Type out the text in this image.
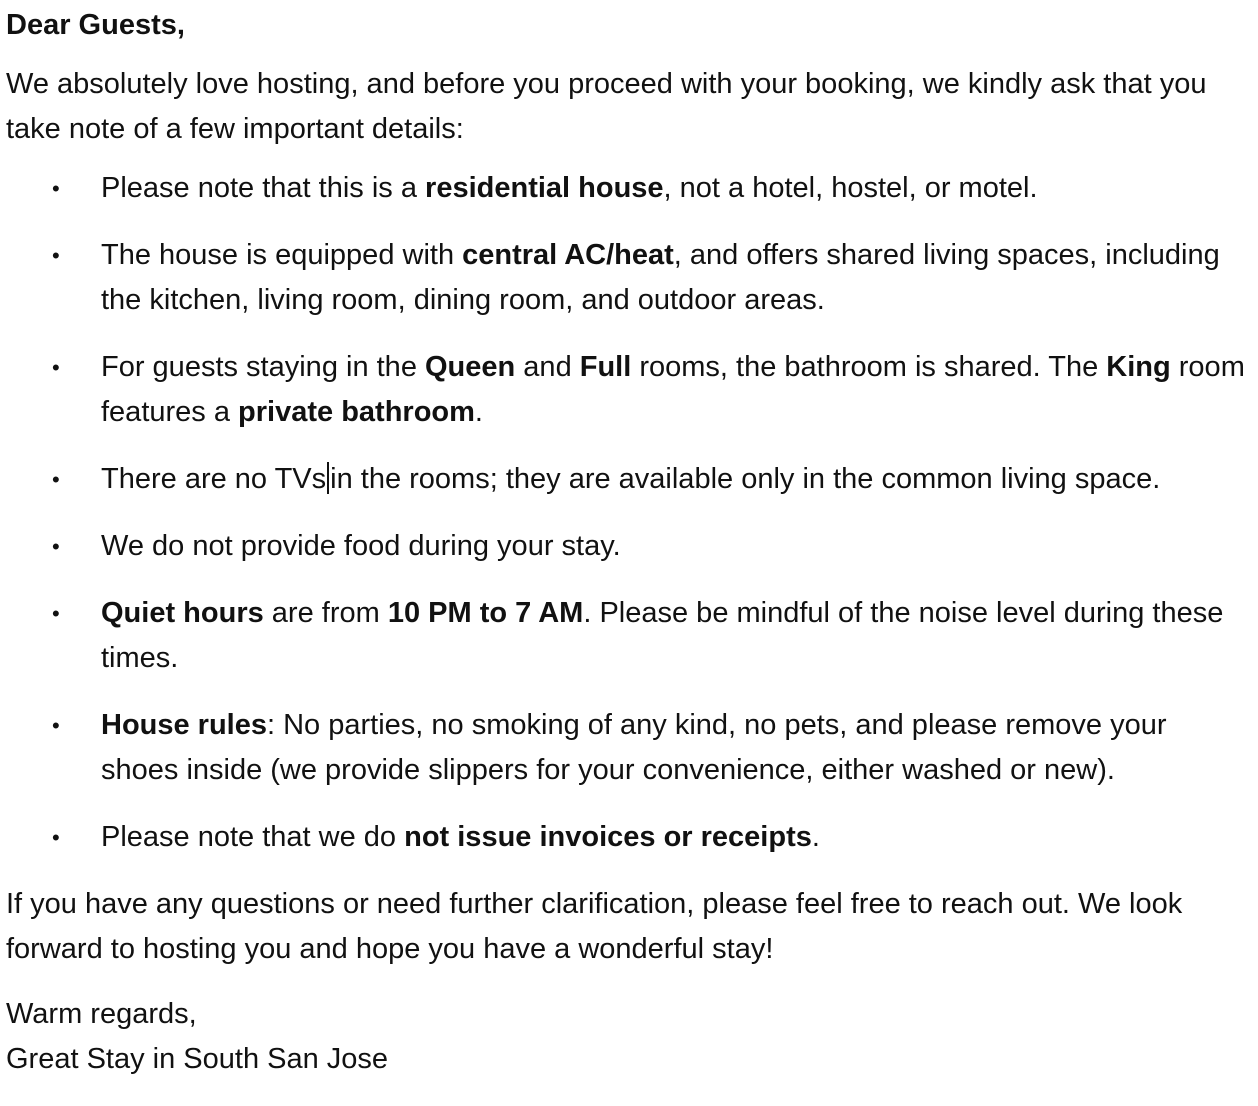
Dear Guests,

We absolutely love hosting, and before you proceed with your booking, we kindly ask that you take note of a few important details:

•	Please note that this is a residential house, not a hotel, hostel, or motel.
•	The house is equipped with central AC/heat, and offers shared living spaces, including the kitchen, living room, dining room, and outdoor areas.
•	For guests staying in the Queen and Full rooms, the bathroom is shared. The King room features a private bathroom.
•	There are no TVs in the rooms; they are available only in the common living space.
•	We do not provide food during your stay.
•	Quiet hours are from 10 PM to 7 AM. Please be mindful of the noise level during these times.
•	House rules: No parties, no smoking of any kind, no pets, and please remove your shoes inside (we provide slippers for your convenience, either washed or new).
•	Please note that we do not issue invoices or receipts.

If you have any questions or need further clarification, please feel free to reach out. We look forward to hosting you and hope you have a wonderful stay!

Warm regards,
Great Stay in South San Jose
